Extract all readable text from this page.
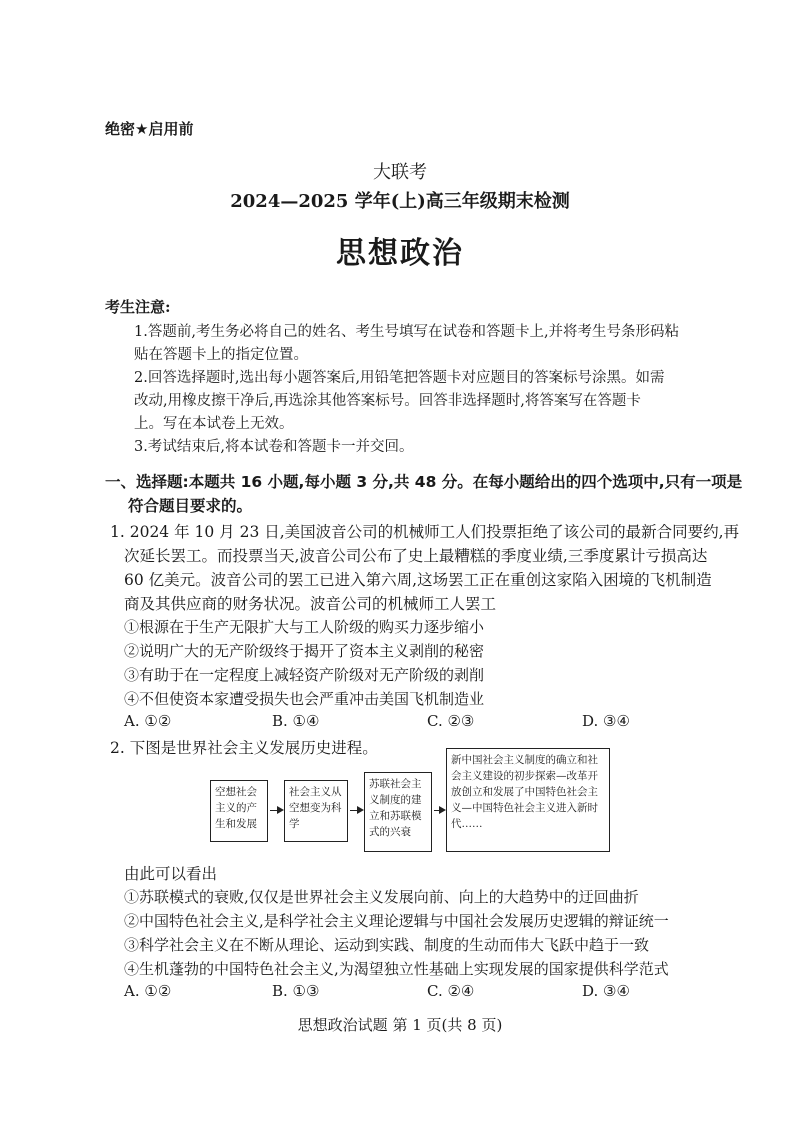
绝密★启用前
大联考
2024—2025 学年(上)高三年级期末检测
思想政治
考生注意:
1.答题前,考生务必将自己的姓名、考生号填写在试卷和答题卡上,并将考生号条形码粘
贴在答题卡上的指定位置。
2.回答选择题时,选出每小题答案后,用铅笔把答题卡对应题目的答案标号涂黑。如需
改动,用橡皮擦干净后,再选涂其他答案标号。回答非选择题时,将答案写在答题卡
上。写在本试卷上无效。
3.考试结束后,将本试卷和答题卡一并交回。
一、选择题:本题共 16 小题,每小题 3 分,共 48 分。在每小题给出的四个选项中,只有一项是
符合题目要求的。
1. 2024 年 10 月 23 日,美国波音公司的机械师工人们投票拒绝了该公司的最新合同要约,再
次延长罢工。而投票当天,波音公司公布了史上最糟糕的季度业绩,三季度累计亏损高达
60 亿美元。波音公司的罢工已进入第六周,这场罢工正在重创这家陷入困境的飞机制造
商及其供应商的财务状况。波音公司的机械师工人罢工
①根源在于生产无限扩大与工人阶级的购买力逐步缩小
②说明广大的无产阶级终于揭开了资本主义剥削的秘密
③有助于在一定程度上减轻资产阶级对无产阶级的剥削
④不但使资本家遭受损失也会严重冲击美国飞机制造业
A. ①②	B. ①④	C. ②③	D. ③④
2. 下图是世界社会主义发展历史进程。
空想社会主义的产生和发展
社会主义从空想变为科学
苏联社会主义制度的建立和苏联模式的兴衰
新中国社会主义制度的确立和社会主义建设的初步探索—改革开放创立和发展了中国特色社会主义—中国特色社会主义进入新时代……
由此可以看出
①苏联模式的衰败,仅仅是世界社会主义发展向前、向上的大趋势中的迂回曲折
②中国特色社会主义,是科学社会主义理论逻辑与中国社会发展历史逻辑的辩证统一
③科学社会主义在不断从理论、运动到实践、制度的生动而伟大飞跃中趋于一致
④生机蓬勃的中国特色社会主义,为渴望独立性基础上实现发展的国家提供科学范式
A. ①②	B. ①③	C. ②④	D. ③④
思想政治试题 第 1 页(共 8 页)
